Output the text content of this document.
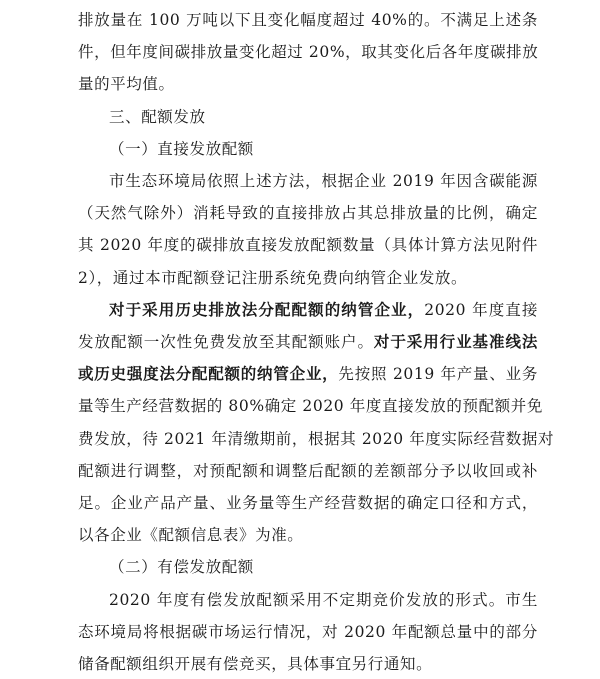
排放量在 100 万吨以下且变化幅度超过 40%的。不满足上述条
件，但年度间碳排放量变化超过 20%，取其变化后各年度碳排放
量的平均值。
三、配额发放
（一）直接发放配额
市生态环境局依照上述方法，根据企业 2019 年因含碳能源
（天然气除外）消耗导致的直接排放占其总排放量的比例，确定
其 2020 年度的碳排放直接发放配额数量（具体计算方法见附件
2），通过本市配额登记注册系统免费向纳管企业发放。
对于采用历史排放法分配配额的纳管企业，2020 年度直接
发放配额一次性免费发放至其配额账户。对于采用行业基准线法
或历史强度法分配配额的纳管企业，先按照 2019 年产量、业务
量等生产经营数据的 80%确定 2020 年度直接发放的预配额并免
费发放，待 2021 年清缴期前，根据其 2020 年度实际经营数据对
配额进行调整，对预配额和调整后配额的差额部分予以收回或补
足。企业产品产量、业务量等生产经营数据的确定口径和方式，
以各企业《配额信息表》为准。
（二）有偿发放配额
2020 年度有偿发放配额采用不定期竞价发放的形式。市生
态环境局将根据碳市场运行情况，对 2020 年配额总量中的部分
储备配额组织开展有偿竞买，具体事宜另行通知。
